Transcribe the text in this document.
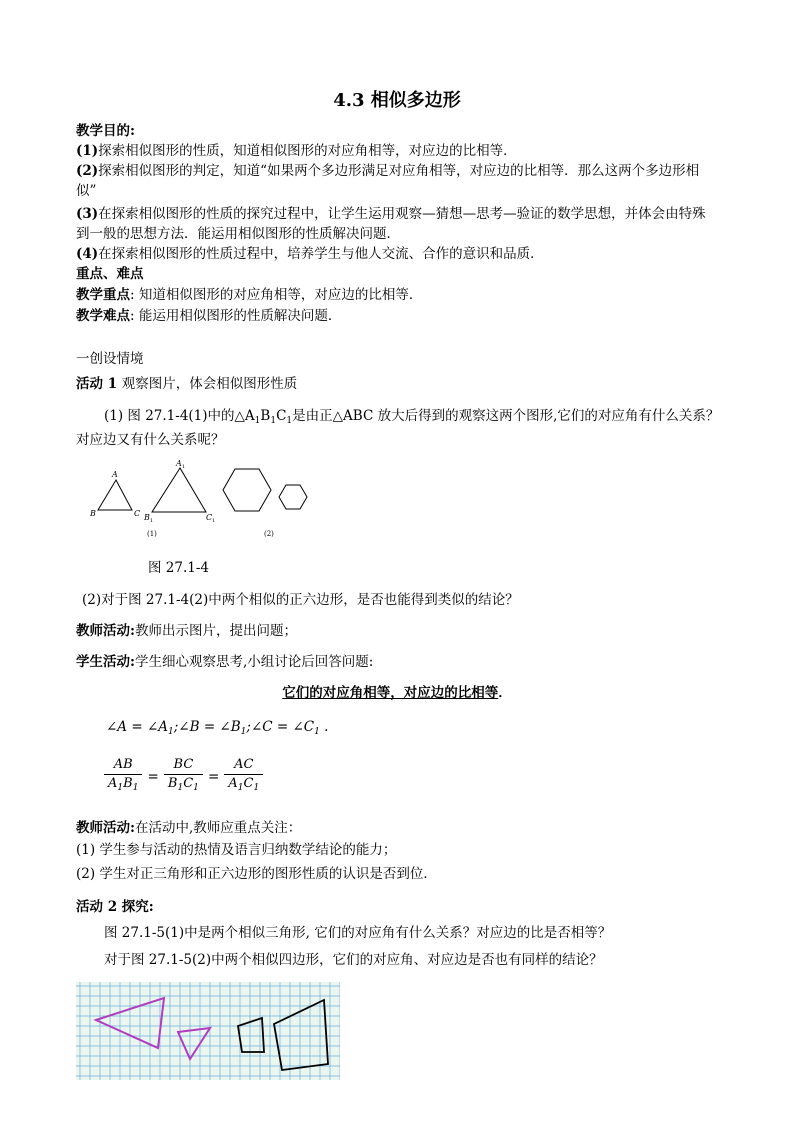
4.3 相似多边形
教学目的:
(1)探索相似图形的性质，知道相似图形的对应角相等，对应边的比相等．
(2)探索相似图形的判定，知道“如果两个多边形满足对应角相等，对应边的比相等．那么这两个多边形相
似”
(3)在探索相似图形的性质的探究过程中，让学生运用观察—猜想—思考—验证的数学思想，并体会由特殊
到一般的思想方法．能运用相似图形的性质解决问题．
(4)在探索相似图形的性质过程中，培养学生与他人交流、合作的意识和品质．
重点、难点
教学重点: 知道相似图形的对应角相等，对应边的比相等．
教学难点: 能运用相似图形的性质解决问题．
一创设情境
活动 1 观察图片，体会相似图形性质
(1) 图 27.1-4(1)中的$\triangle A_1B_1C_1$是由正△ABC 放大后得到的观察这两个图形,它们的对应角有什么关系？
对应边又有什么关系呢？
A
B	C
A 1
B 1	C 1
(1)	(2)
图 27.1-4
(2)对于图 27.1-4(2)中两个相似的正六边形，是否也能得到类似的结论？
教师活动:教师出示图片，提出问题；
学生活动:学生细心观察思考,小组讨论后回答问题:
它们的对应角相等，对应边的比相等．
∠A = $\angle A_1;\angle B$ = $\angle B_1;\angle C$ = $\angle C_1$ .
$\frac{AB}{A_1B_1} = \frac{BC}{B_1C_1} = \frac{AC}{A_1C_1}$
教师活动:在活动中,教师应重点关注：
(1) 学生参与活动的热情及语言归纳数学结论的能力；
(2) 学生对正三角形和正六边形的图形性质的认识是否到位．
活动 2 探究:
图 27.1-5(1)中是两个相似三角形, 它们的对应角有什么关系？对应边的比是否相等？
对于图 27.1-5(2)中两个相似四边形，它们的对应角、对应边是否也有同样的结论？
